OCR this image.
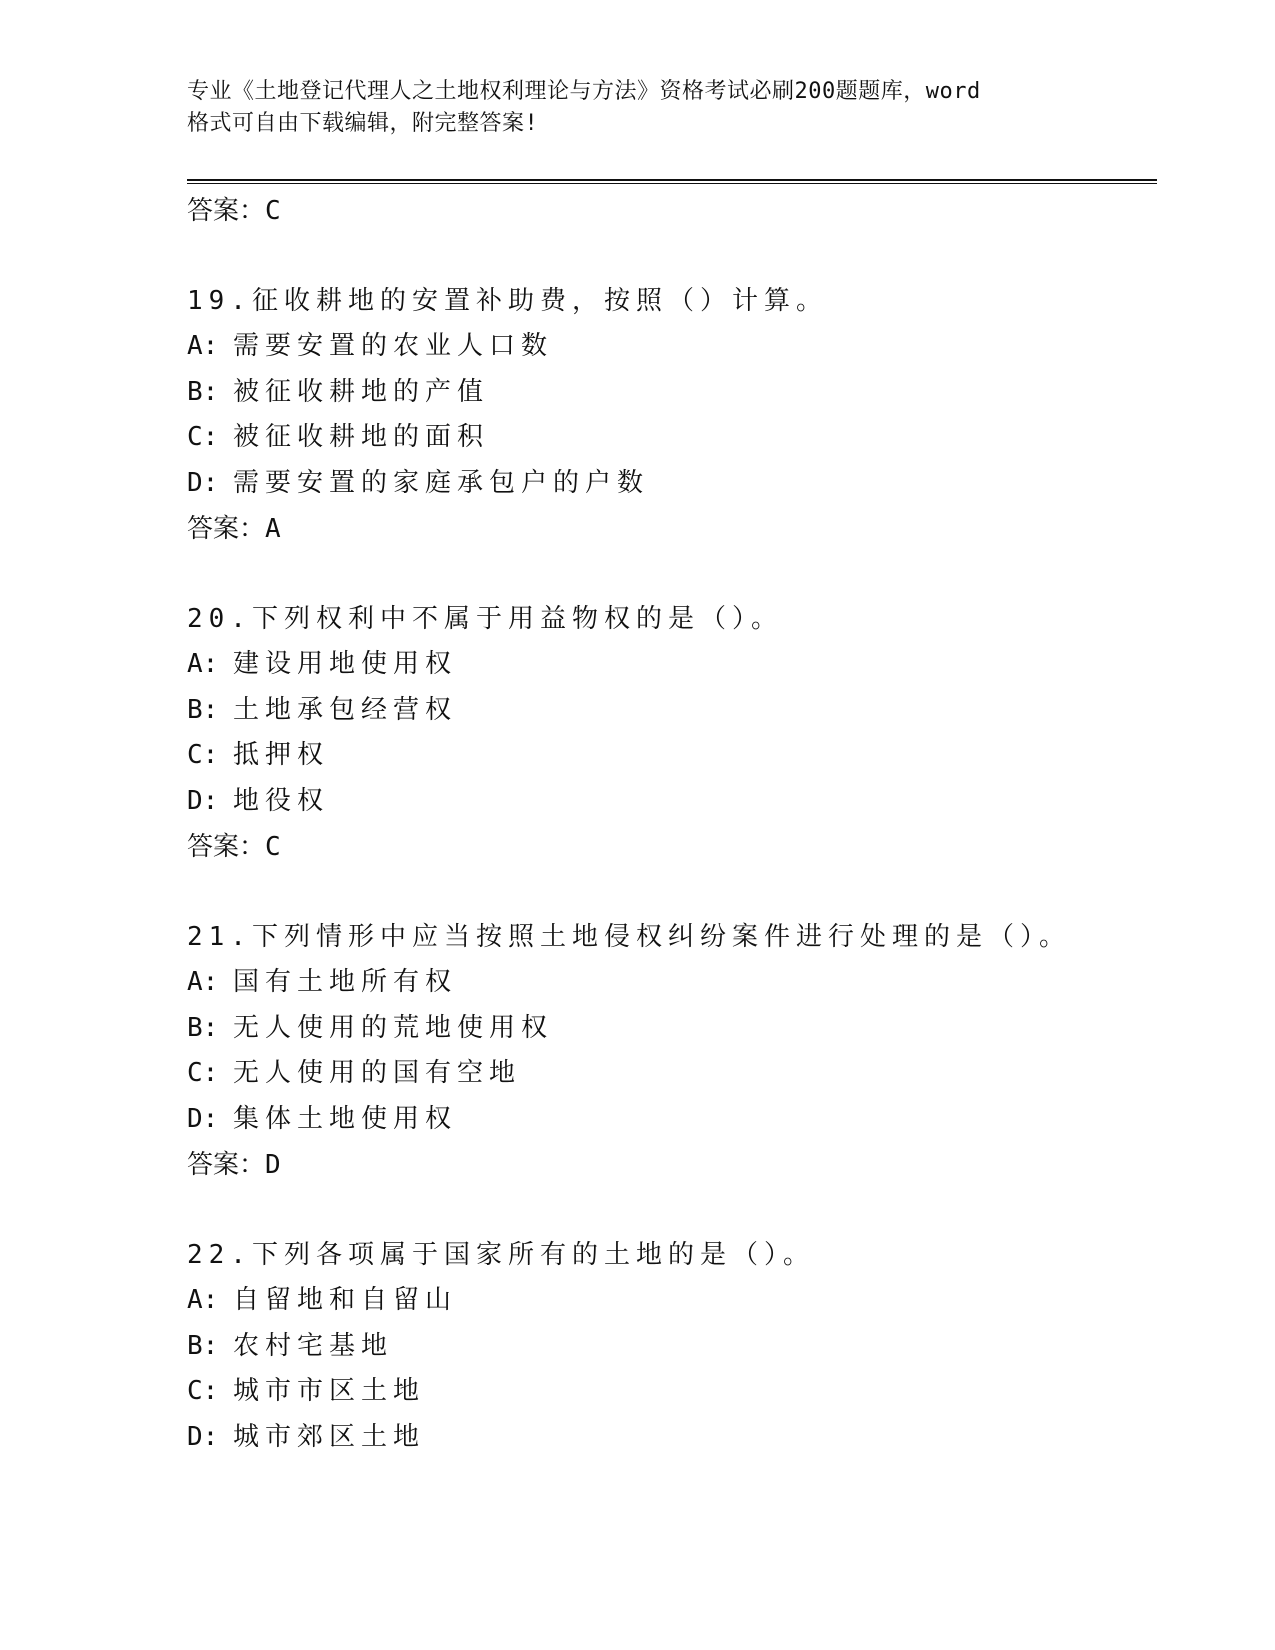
专业《土地登记代理人之土地权利理论与方法》资格考试必刷200题题库，word
格式可自由下载编辑，附完整答案!
答案：C
19.征收耕地的安置补助费，按照（）计算。
A: 需要安置的农业人口数
B: 被征收耕地的产值
C: 被征收耕地的面积
D: 需要安置的家庭承包户的户数
答案：A
20.下列权利中不属于用益物权的是（）。
A: 建设用地使用权
B: 土地承包经营权
C: 抵押权
D: 地役权
答案：C
21.下列情形中应当按照土地侵权纠纷案件进行处理的是（）。
A: 国有土地所有权
B: 无人使用的荒地使用权
C: 无人使用的国有空地
D: 集体土地使用权
答案：D
22.下列各项属于国家所有的土地的是（）。
A: 自留地和自留山
B: 农村宅基地
C: 城市市区土地
D: 城市郊区土地
